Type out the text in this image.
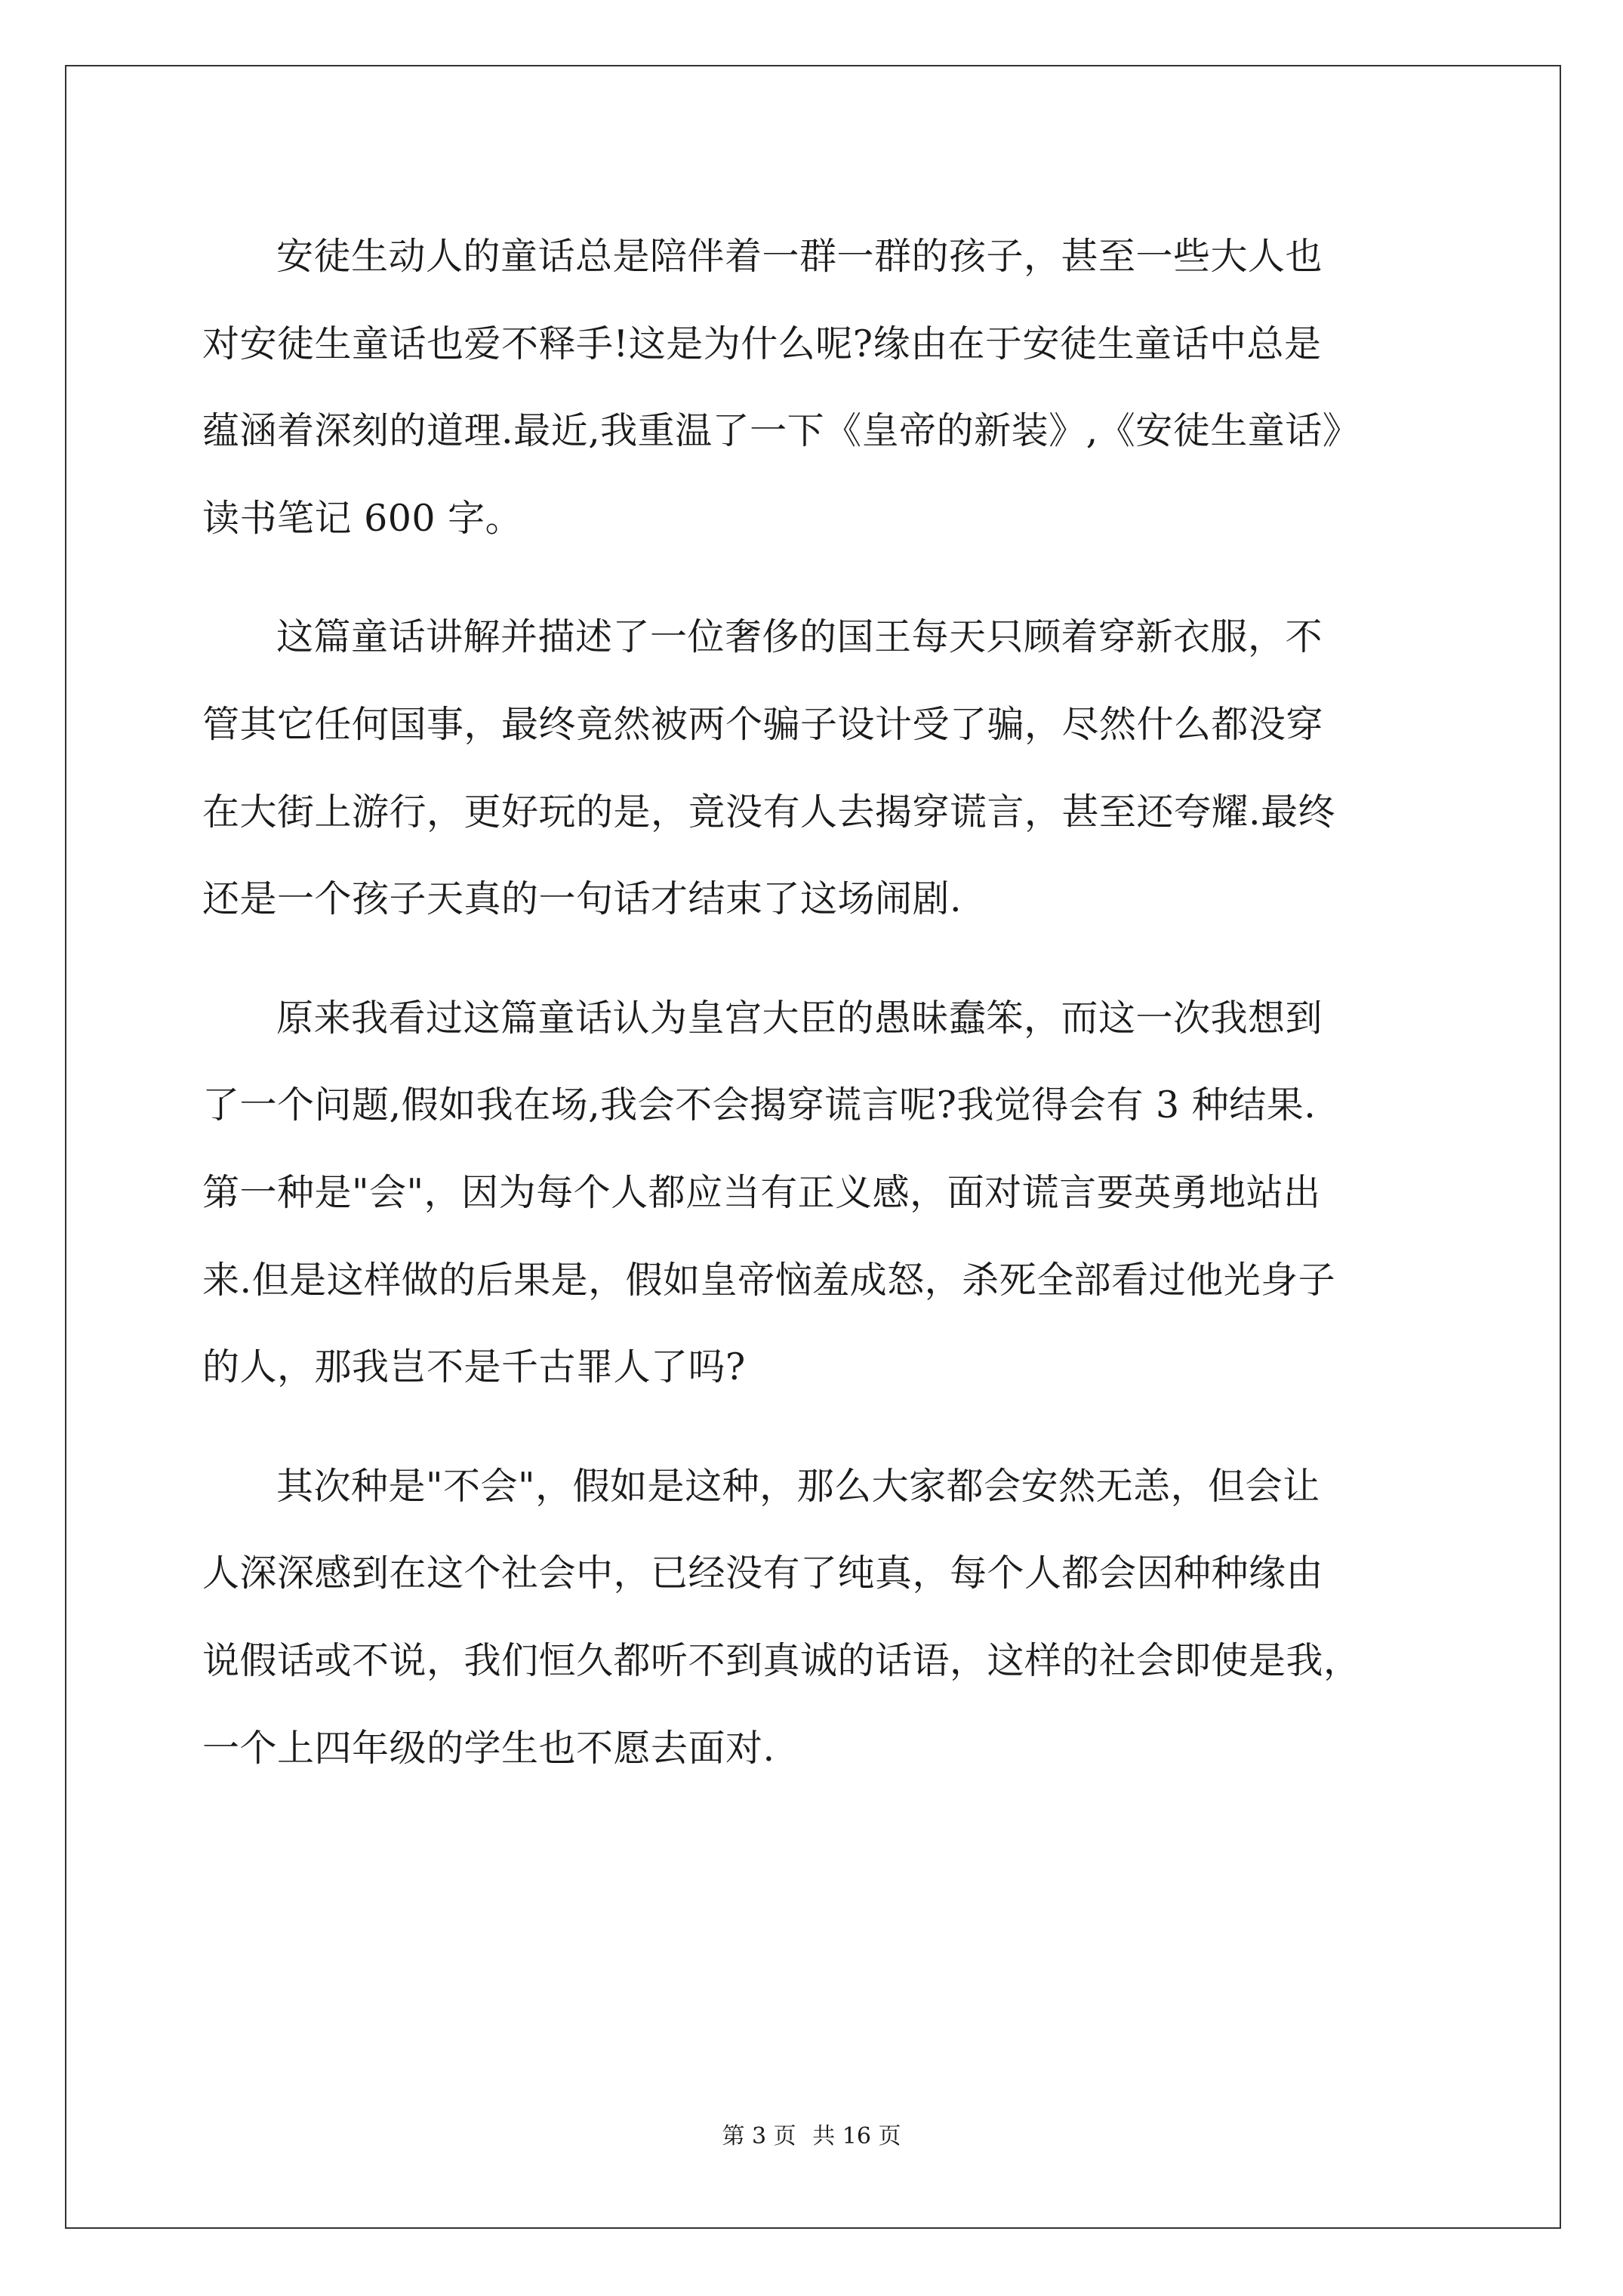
安徒生动人的童话总是陪伴着一群一群的孩子，甚至一些大人也
对安徒生童话也爱不释手!这是为什么呢?缘由在于安徒生童话中总是
蕴涵着深刻的道理.最近,我重温了一下《皇帝的新装》,《安徒生童话》
读书笔记 600 字。

这篇童话讲解并描述了一位奢侈的国王每天只顾着穿新衣服，不
管其它任何国事，最终竟然被两个骗子设计受了骗，尽然什么都没穿
在大街上游行，更好玩的是，竟没有人去揭穿谎言，甚至还夸耀.最终
还是一个孩子天真的一句话才结束了这场闹剧.

原来我看过这篇童话认为皇宫大臣的愚昧蠢笨，而这一次我想到
了一个问题,假如我在场,我会不会揭穿谎言呢?我觉得会有 3 种结果.
第一种是"会"，因为每个人都应当有正义感，面对谎言要英勇地站出
来.但是这样做的后果是，假如皇帝恼羞成怒，杀死全部看过他光身子
的人，那我岂不是千古罪人了吗?

其次种是"不会"，假如是这种，那么大家都会安然无恙，但会让
人深深感到在这个社会中，已经没有了纯真，每个人都会因种种缘由
说假话或不说，我们恒久都听不到真诚的话语，这样的社会即使是我，
一个上四年级的学生也不愿去面对.

第 3 页 共 16 页
